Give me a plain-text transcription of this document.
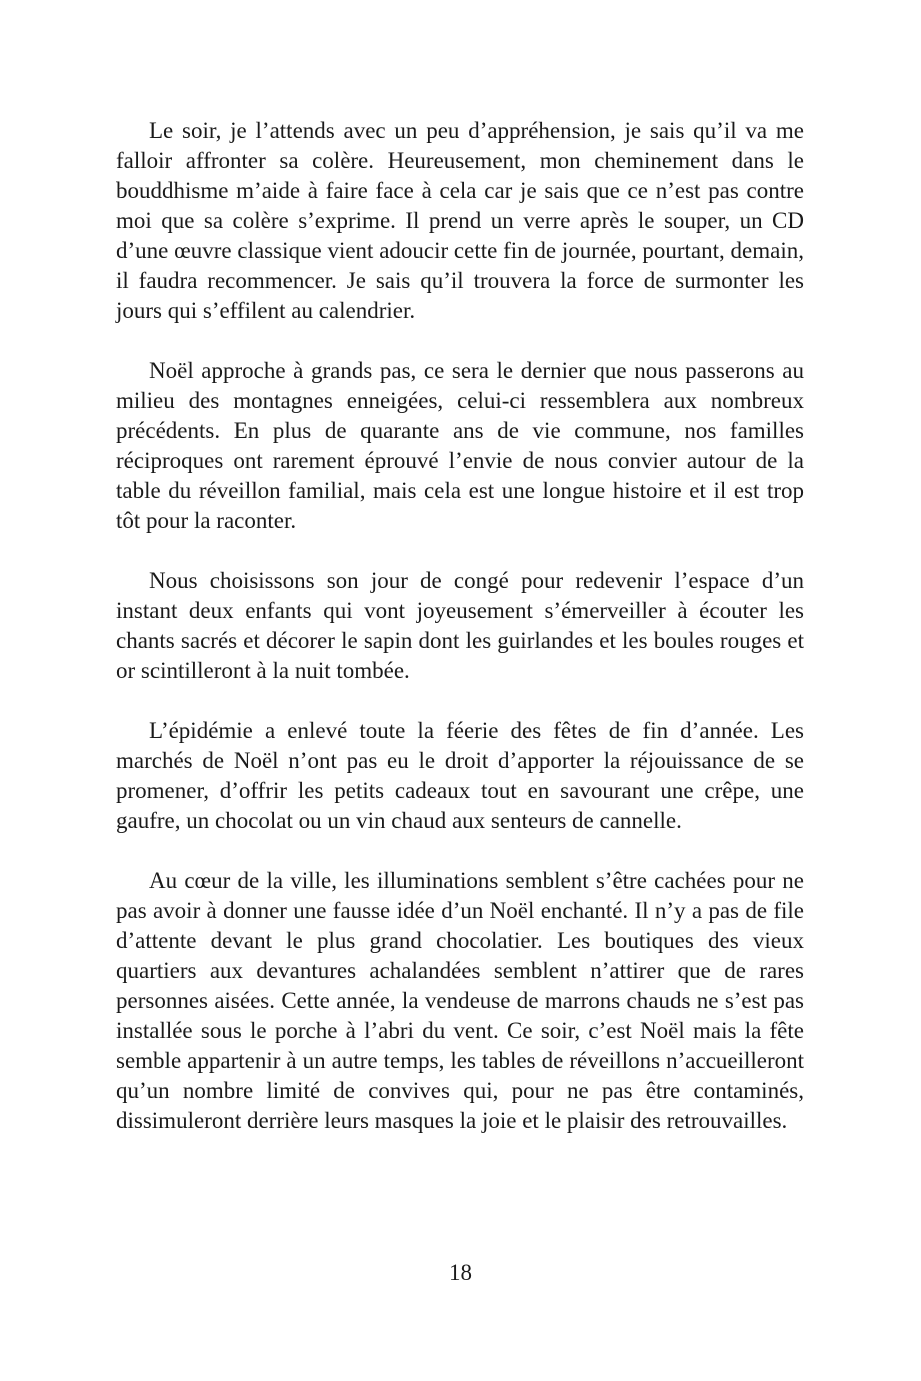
Le soir, je l’attends avec un peu d’appréhension, je sais qu’il va me falloir affronter sa colère. Heureusement, mon cheminement dans le bouddhisme m’aide à faire face à cela car je sais que ce n’est pas contre moi que sa colère s’exprime. Il prend un verre après le souper, un CD d’une œuvre classique vient adoucir cette fin de journée, pourtant, demain, il faudra recommencer. Je sais qu’il trouvera la force de surmonter les jours qui s’effilent au calendrier.

Noël approche à grands pas, ce sera le dernier que nous passerons au milieu des montagnes enneigées, celui-ci ressemblera aux nombreux précédents. En plus de quarante ans de vie commune, nos familles réciproques ont rarement éprouvé l’envie de nous convier autour de la table du réveillon familial, mais cela est une longue histoire et il est trop tôt pour la raconter.

Nous choisissons son jour de congé pour redevenir l’espace d’un instant deux enfants qui vont joyeusement s’émerveiller à écouter les chants sacrés et décorer le sapin dont les guirlandes et les boules rouges et or scintilleront à la nuit tombée.

L’épidémie a enlevé toute la féerie des fêtes de fin d’année. Les marchés de Noël n’ont pas eu le droit d’apporter la réjouissance de se promener, d’offrir les petits cadeaux tout en savourant une crêpe, une gaufre, un chocolat ou un vin chaud aux senteurs de cannelle.

Au cœur de la ville, les illuminations semblent s’être cachées pour ne pas avoir à donner une fausse idée d’un Noël enchanté. Il n’y a pas de file d’attente devant le plus grand chocolatier. Les boutiques des vieux quartiers aux devantures achalandées semblent n’attirer que de rares personnes aisées. Cette année, la vendeuse de marrons chauds ne s’est pas installée sous le porche à l’abri du vent. Ce soir, c’est Noël mais la fête semble appartenir à un autre temps, les tables de réveillons n’accueilleront qu’un nombre limité de convives qui, pour ne pas être contaminés, dissimuleront derrière leurs masques la joie et le plaisir des retrouvailles.

18
